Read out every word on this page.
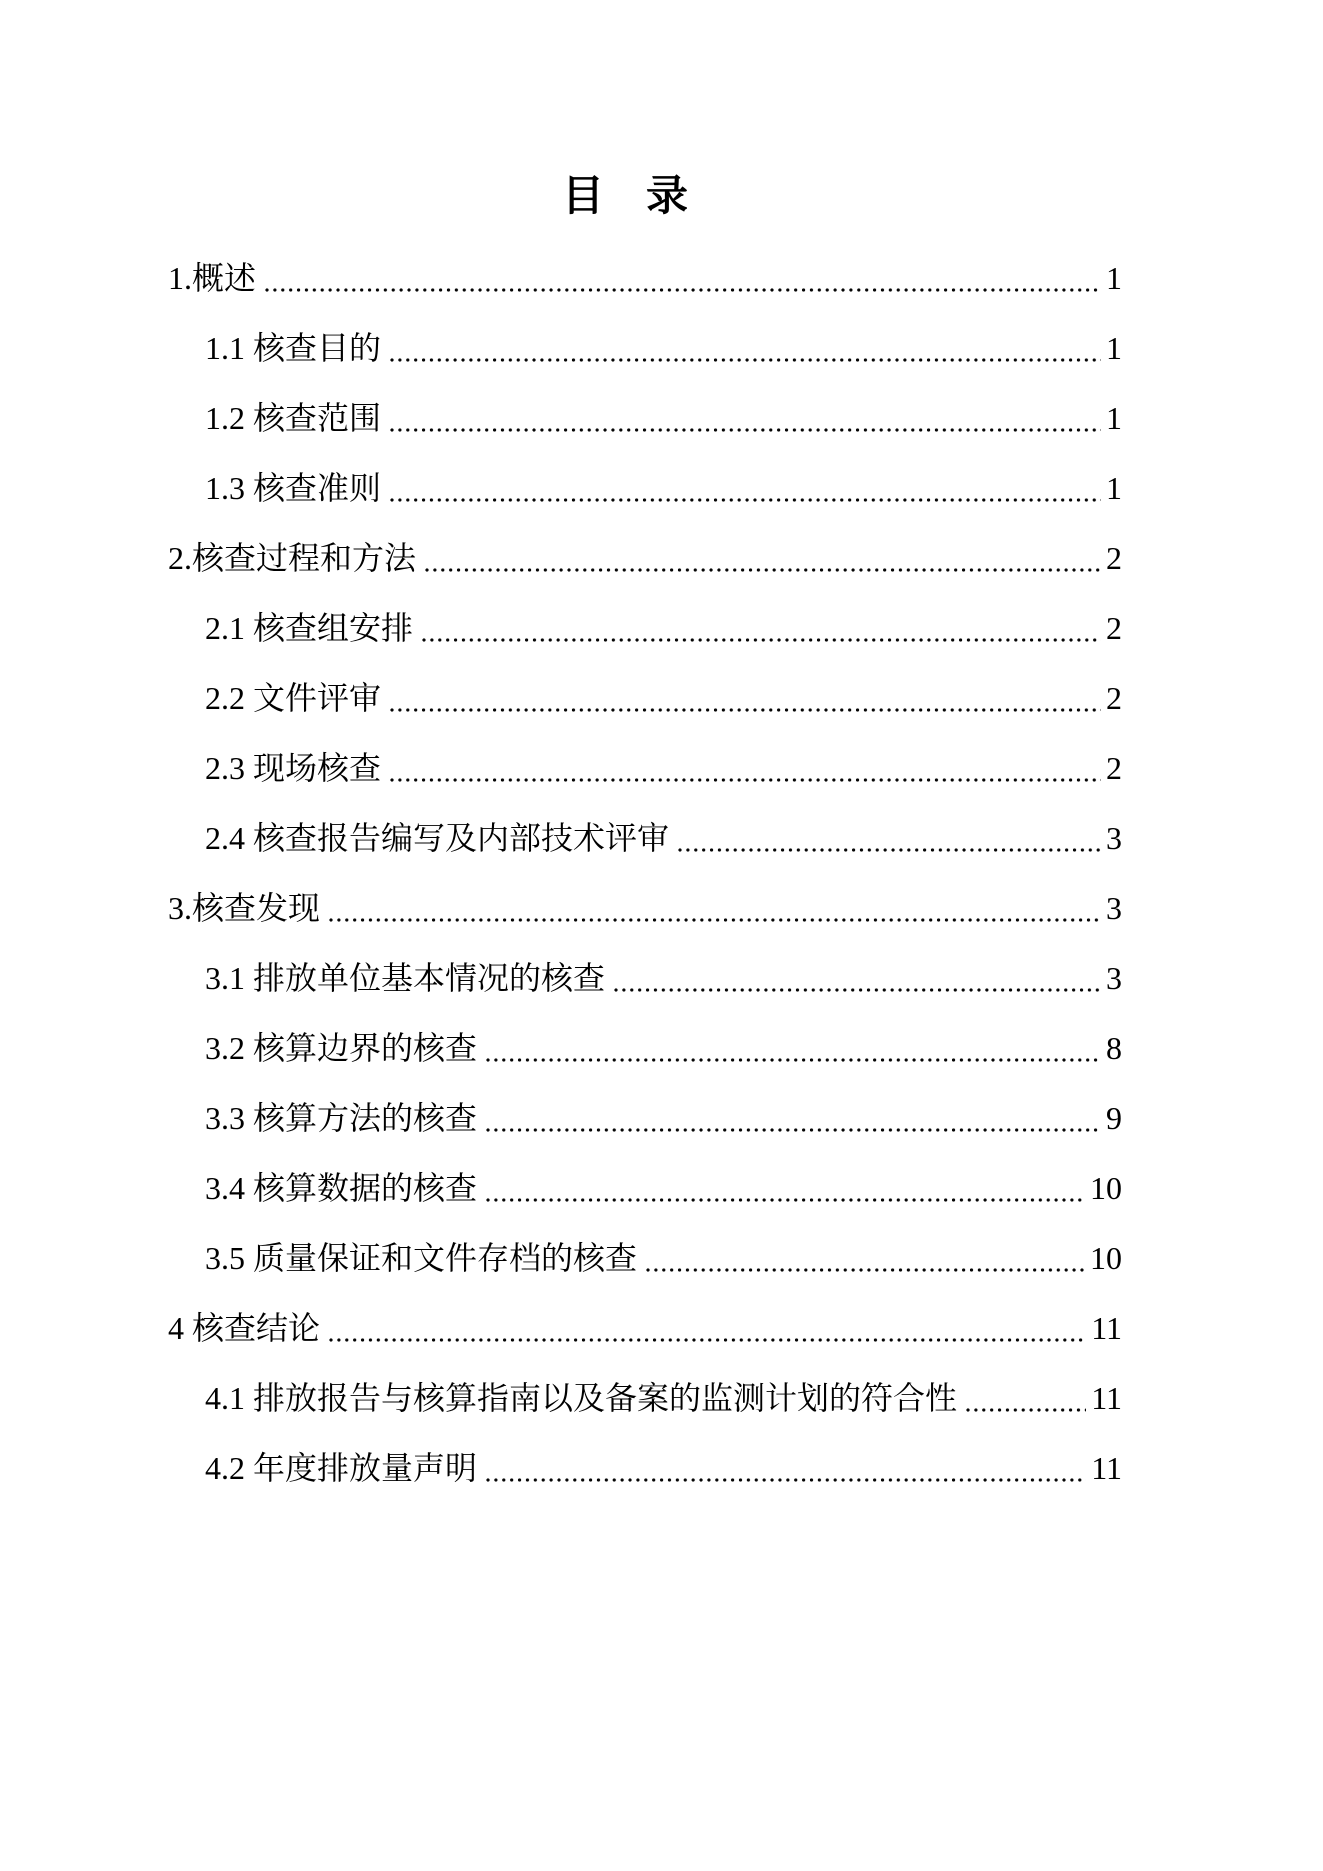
目　录
1.概述	1
1.1 核查目的	1
1.2 核查范围	1
1.3 核查准则	1
2.核查过程和方法	2
2.1 核查组安排	2
2.2 文件评审	2
2.3 现场核查	2
2.4 核查报告编写及内部技术评审	3
3.核查发现	3
3.1 排放单位基本情况的核查	3
3.2 核算边界的核查	8
3.3 核算方法的核查	9
3.4 核算数据的核查	10
3.5 质量保证和文件存档的核查	10
4 核查结论	11
4.1 排放报告与核算指南以及备案的监测计划的符合性	11
4.2 年度排放量声明	11
